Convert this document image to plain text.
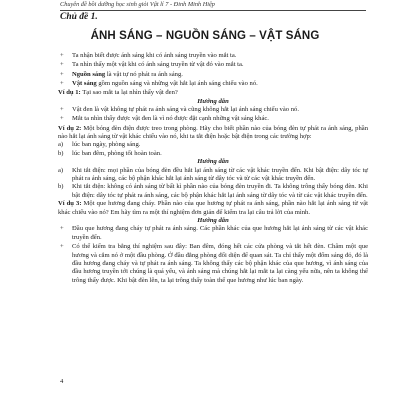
Chuyên đề bồi dưỡng học sinh giỏi Vật lí 7 - Đinh Minh Hiệp
Chủ đề 1.
ÁNH SÁNG – NGUỒN SÁNG – VẬT SÁNG
+ Ta nhận biết được ánh sáng khi có ánh sáng truyền vào mắt ta.
+ Ta nhìn thấy một vật khi có ánh sáng truyền từ vật đó vào mắt ta.
+ Nguồn sáng là vật tự nó phát ra ánh sáng.
+ Vật sáng gồm nguồn sáng và những vật hắt lại ánh sáng chiếu vào nó.

Ví dụ 1: Tại sao mắt ta lại nhìn thấy vật đen?

Hướng dẫn

+ Vật đen là vật không tự phát ra ánh sáng và cũng không hắt lại ánh sáng chiếu vào nó.
+ Mắt ta nhìn thấy được vật đen là vì nó được đặt cạnh những vật sáng khác.

Ví dụ 2: Một bóng đèn điện được treo trong phòng. Hãy cho biết phần nào của bóng đèn tự phát ra ánh sáng, phần nào hắt lại ánh sáng từ vật khác chiếu vào nó, khi ta tắt điện hoặc bật điện trong các trường hợp:

a) lúc ban ngày, phòng sáng.
b) lúc ban đêm, phòng tối hoàn toàn.

Hướng dẫn

a) Khi tắt điện: mọi phần của bóng đèn đều hắt lại ánh sáng từ các vật khác truyền đến. Khi bật điện: dây tóc tự phát ra ánh sáng, các bộ phận khác hắt lại ánh sáng từ dây tóc và từ các vật khác truyền đến.
b) Khi tắt điện: không có ánh sáng từ bất kì phần nào của bóng đèn truyền đi. Ta không trông thấy bóng đèn. Khi bật điện: dây tóc tự phát ra ánh sáng, các bộ phận khác hắt lại ánh sáng từ dây tóc và từ các vật khác truyền đến.

Ví dụ 3: Một que hương đang cháy. Phần nào của que hương tự phát ra ánh sáng, phần nào hắt lại ánh sáng từ vật khác chiếu vào nó? Em hãy tìm ra một thí nghiệm đơn giản để kiểm tra lại câu trả lời của mình.

Hướng dẫn

+ Đầu que hương đang cháy tự phát ra ánh sáng. Các phần khác của que hương hắt lại ánh sáng từ các vật khác truyền đến.
+ Có thể kiểm tra bằng thí nghiệm sau đây: Ban đêm, đóng hết các cửa phòng và tắt hết đèn. Châm một que hương và cắm nó ở một đầu phòng. Ở đầu đằng phòng đối diện để quan sát. Ta chỉ thấy một đốm sáng đỏ, đó là đầu hương đang cháy và tự phát ra ánh sáng. Ta không thấy các bộ phận khác của que hương, vì ánh sáng của đầu hương truyền tới chúng là quá yếu, và ánh sáng mà chúng hắt lại mắt ta lại càng yếu nữa, nên ta không thể trông thấy được. Khi bật đèn lên, ta lại trông thấy toàn thể que hương như lúc ban ngày.
4
